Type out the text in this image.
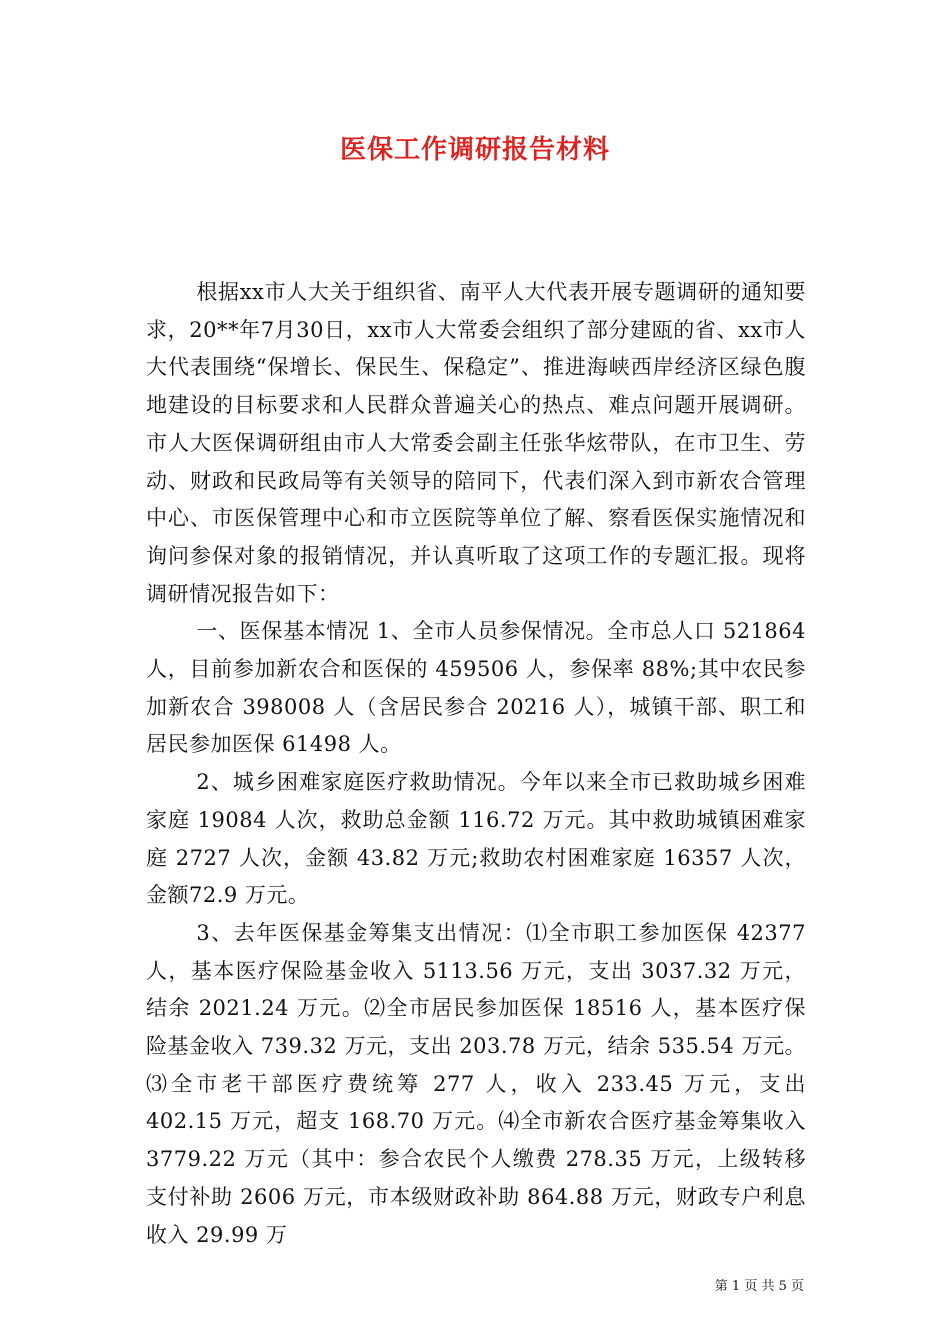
医保工作调研报告材料

根据xx市人大关于组织省、南平人大代表开展专题调研的通知要求，20**年7月30日，xx市人大常委会组织了部分建瓯的省、xx市人大代表围绕“保增长、保民生、保稳定”、推进海峡西岸经济区绿色腹地建设的目标要求和人民群众普遍关心的热点、难点问题开展调研。市人大医保调研组由市人大常委会副主任张华炫带队，在市卫生、劳动、财政和民政局等有关领导的陪同下，代表们深入到市新农合管理中心、市医保管理中心和市立医院等单位了解、察看医保实施情况和询问参保对象的报销情况，并认真听取了这项工作的专题汇报。现将调研情况报告如下：

一、医保基本情况 1、全市人员参保情况。全市总人口 521864 人，目前参加新农合和医保的 459506 人，参保率 88%;其中农民参加新农合 398008 人（含居民参合 20216 人），城镇干部、职工和居民参加医保 61498 人。

2、城乡困难家庭医疗救助情况。今年以来全市已救助城乡困难家庭 19084 人次，救助总金额 116.72 万元。其中救助城镇困难家庭 2727 人次，金额 43.82 万元;救助农村困难家庭 16357 人次，金额72.9 万元。

3、去年医保基金筹集支出情况：⑴全市职工参加医保 42377 人，基本医疗保险基金收入 5113.56 万元，支出 3037.32 万元，结余 2021.24 万元。⑵全市居民参加医保 18516 人，基本医疗保险基金收入 739.32 万元，支出 203.78 万元，结余 535.54 万元。⑶全市老干部医疗费统筹 277 人，收入 233.45 万元，支出 402.15 万元，超支 168.70 万元。⑷全市新农合医疗基金筹集收入 3779.22 万元（其中：参合农民个人缴费 278.35 万元，上级转移支付补助 2606 万元，市本级财政补助 864.88 万元，财政专户利息收入 29.99 万

第 1 页 共 5 页
